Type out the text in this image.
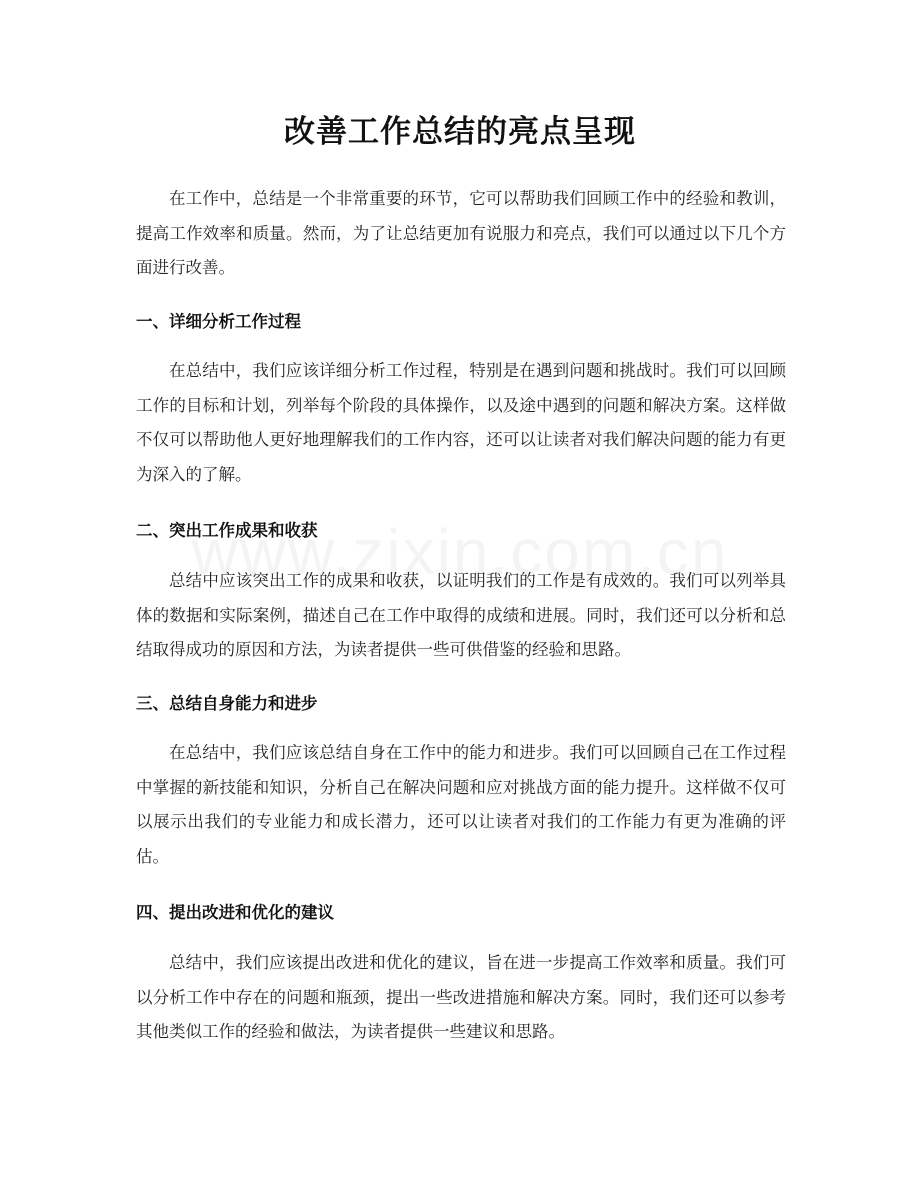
改善工作总结的亮点呈现

在工作中，总结是一个非常重要的环节，它可以帮助我们回顾工作中的经验和教训，提高工作效率和质量。然而，为了让总结更加有说服力和亮点，我们可以通过以下几个方面进行改善。

一、详细分析工作过程

在总结中，我们应该详细分析工作过程，特别是在遇到问题和挑战时。我们可以回顾工作的目标和计划，列举每个阶段的具体操作，以及途中遇到的问题和解决方案。这样做不仅可以帮助他人更好地理解我们的工作内容，还可以让读者对我们解决问题的能力有更为深入的了解。

二、突出工作成果和收获

总结中应该突出工作的成果和收获，以证明我们的工作是有成效的。我们可以列举具体的数据和实际案例，描述自己在工作中取得的成绩和进展。同时，我们还可以分析和总结取得成功的原因和方法，为读者提供一些可供借鉴的经验和思路。

三、总结自身能力和进步

在总结中，我们应该总结自身在工作中的能力和进步。我们可以回顾自己在工作过程中掌握的新技能和知识，分析自己在解决问题和应对挑战方面的能力提升。这样做不仅可以展示出我们的专业能力和成长潜力，还可以让读者对我们的工作能力有更为准确的评估。

四、提出改进和优化的建议

总结中，我们应该提出改进和优化的建议，旨在进一步提高工作效率和质量。我们可以分析工作中存在的问题和瓶颈，提出一些改进措施和解决方案。同时，我们还可以参考其他类似工作的经验和做法，为读者提供一些建议和思路。
